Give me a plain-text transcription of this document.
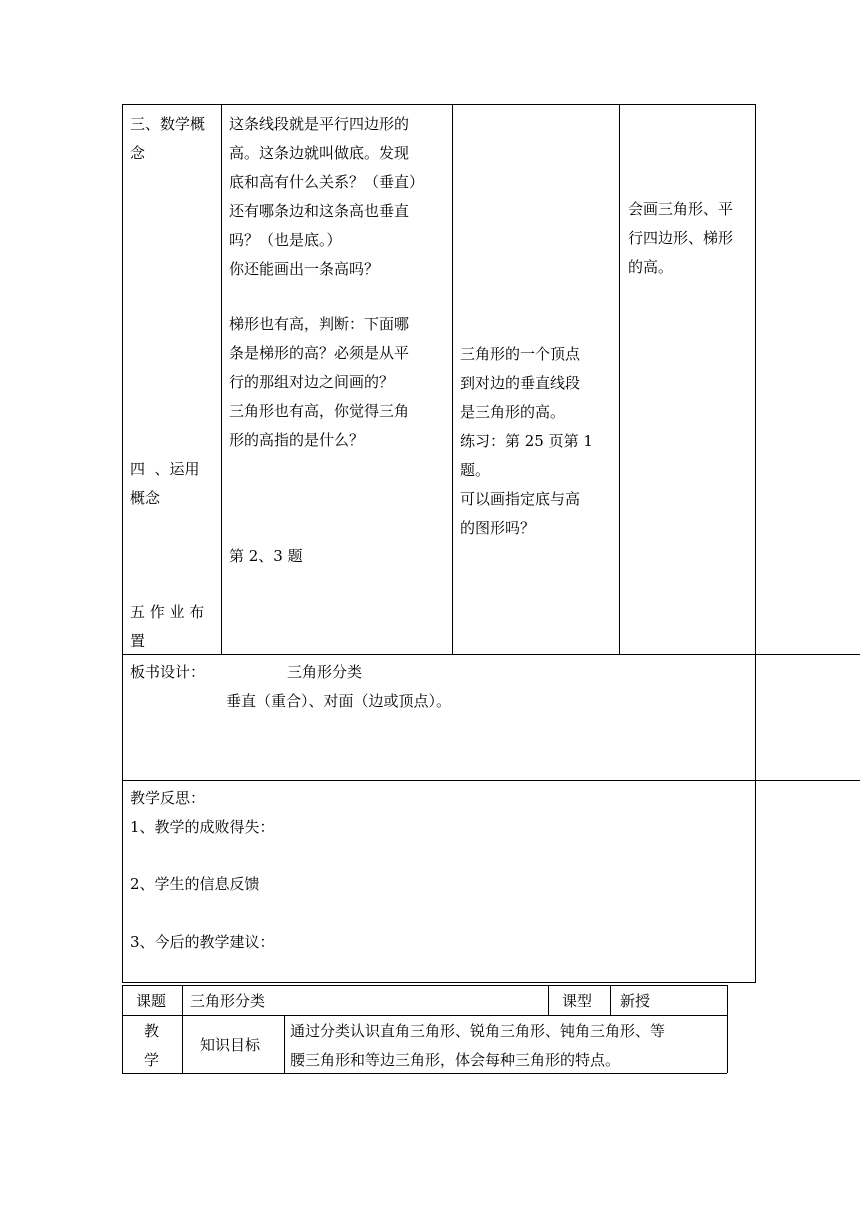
三、数学概
念
四  、运用
概念
五 作 业 布
置
这条线段就是平行四边形的
高。这条边就叫做底。发现
底和高有什么关系？（垂直）
还有哪条边和这条高也垂直
吗？（也是底。）
你还能画出一条高吗？
梯形也有高，判断：下面哪
条是梯形的高？必须是从平
行的那组对边之间画的？
三角形也有高，你觉得三角
形的高指的是什么？
第 2、3 题
三角形的一个顶点
到对边的垂直线段
是三角形的高。
练习：第 25 页第 1
题。
可以画指定底与高
的图形吗？
会画三角形、平
行四边形、梯形
的高。
板书设计：	三角形分类
垂直（重合）、对面（边或顶点）。
教学反思：
1、教学的成败得失：
2、学生的信息反馈
3、今后的教学建议：
课题 三角形分类	课型 新授
教
学
知识目标
通过分类认识直角三角形、锐角三角形、钝角三角形、等
腰三角形和等边三角形，体会每种三角形的特点。
